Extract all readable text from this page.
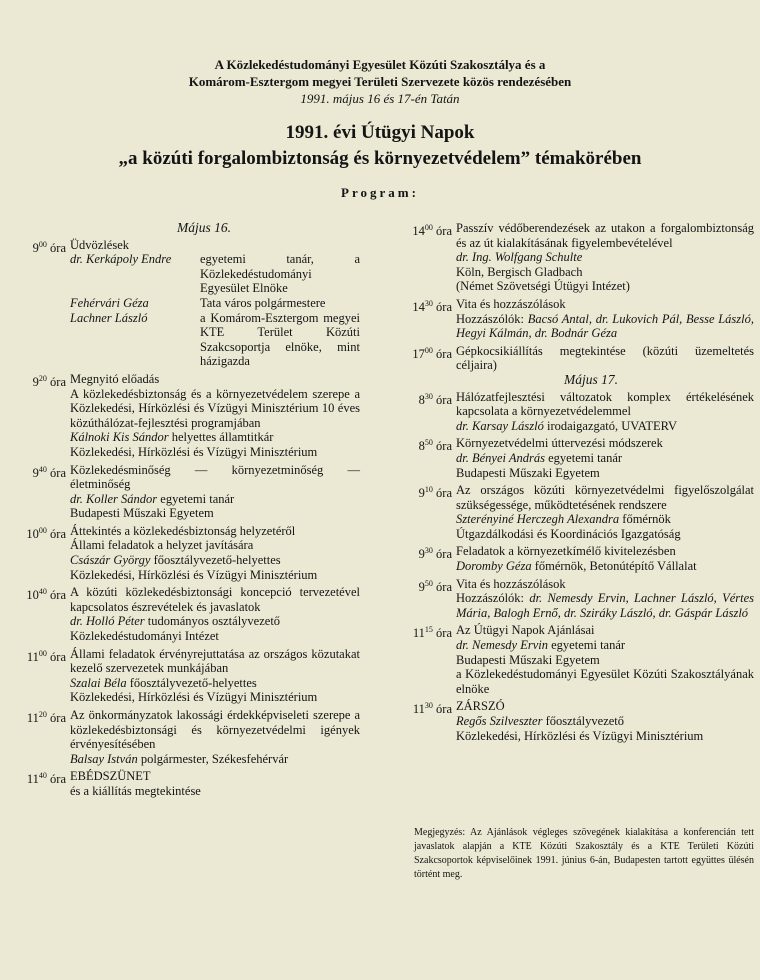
A Közlekedéstudományi Egyesület Közúti Szakosztálya és a
Komárom-Esztergom megyei Területi Szervezete közös rendezésében
1991. május 16 és 17-én Tatán
1991. évi Útügyi Napok
„a közúti forgalombiztonság és környezetvédelem” témakörében
Program:
Május 16.
$9^{00}$ óra Üdvözlések
dr. Kerkápoly Endre	egyetemi tanár, a Közlekedéstudományi Egyesület Elnöke
Fehérvári Géza	Tata város polgármestere
Lachner László	a Komárom-Esztergom megyei KTE Terület Közúti Szakcsoportja elnöke, mint házigazda
$9^{20}$ óra Megnyitó előadás
A közlekedésbiztonság és a környezetvédelem szerepe a Közlekedési, Hírközlési és Vízügyi Minisztérium 10 éves közúthálózat-fejlesztési programjában
Kálnoki Kis Sándor helyettes államtitkár
Közlekedési, Hírközlési és Vízügyi Minisztérium
$9^{40}$ óra Közlekedésminőség — környezetminőség — életminőség
dr. Koller Sándor egyetemi tanár
Budapesti Műszaki Egyetem
$10^{00}$ óra Áttekintés a közlekedésbiztonság helyzetéről
Állami feladatok a helyzet javítására
Császár György főosztályvezető-helyettes
Közlekedési, Hírközlési és Vízügyi Minisztérium
$10^{40}$ óra A közúti közlekedésbiztonsági koncepció tervezetével kapcsolatos észrevételek és javaslatok
dr. Holló Péter tudományos osztályvezető
Közlekedéstudományi Intézet
$11^{00}$ óra Állami feladatok érvényrejuttatása az országos közutakat kezelő szervezetek munkájában
Szalai Béla főosztályvezető-helyettes
Közlekedési, Hírközlési és Vízügyi Minisztérium
$11^{20}$ óra Az önkormányzatok lakossági érdekképviseleti szerepe a közlekedésbiztonsági és környezetvédelmi igények érvényesítésében
Balsay István polgármester, Székesfehérvár
$11^{40}$ óra EBÉDSZÜNET
és a kiállítás megtekintése
$14^{00}$ óra Passzív védőberendezések az utakon a forgalombiztonság és az út kialakításának figyelembevételével
dr. Ing. Wolfgang Schulte
Köln, Bergisch Gladbach
(Német Szövetségi Útügyi Intézet)
$14^{30}$ óra Vita és hozzászólások
Hozzászólók: Bacsó Antal, dr. Lukovich Pál, Besse László, Hegyi Kálmán, dr. Bodnár Géza
$17^{00}$ óra Gépkocsikiállítás megtekintése (közúti üzemeltetés céljaira)
Május 17.
$8^{30}$ óra Hálózatfejlesztési változatok komplex értékelésének kapcsolata a környezetvédelemmel
dr. Karsay László irodaigazgató, UVATERV
$8^{50}$ óra Környezetvédelmi úttervezési módszerek
dr. Bényei András egyetemi tanár
Budapesti Műszaki Egyetem
$9^{10}$ óra Az országos közúti környezetvédelmi figyelőszolgálat szükségessége, működtetésének rendszere
Szterényiné Herczegh Alexandra főmérnök
Útgazdálkodási és Koordinációs Igazgatóság
$9^{30}$ óra Feladatok a környezetkímélő kivitelezésben
Doromby Géza főmérnök, Betonútépítő Vállalat
$9^{50}$ óra Vita és hozzászólások
Hozzászólók: dr. Nemesdy Ervin, Lachner László, Vértes Mária, Balogh Ernő, dr. Sziráky László, dr. Gáspár László
$11^{15}$ óra Az Útügyi Napok Ajánlásai
dr. Nemesdy Ervin egyetemi tanár
Budapesti Műszaki Egyetem
a Közlekedéstudományi Egyesület Közúti Szakosztályának elnöke
$11^{30}$ óra ZÁRSZÓ
Regős Szilveszter főosztályvezető
Közlekedési, Hírközlési és Vízügyi Minisztérium
Megjegyzés: Az Ajánlások végleges szövegének kialakítása a konferencián tett javaslatok alapján a KTE Közúti Szakosztály és a KTE Területi Közúti Szakcsoportok képviselőinek 1991. június 6-án, Budapesten tartott együttes ülésén történt meg.
